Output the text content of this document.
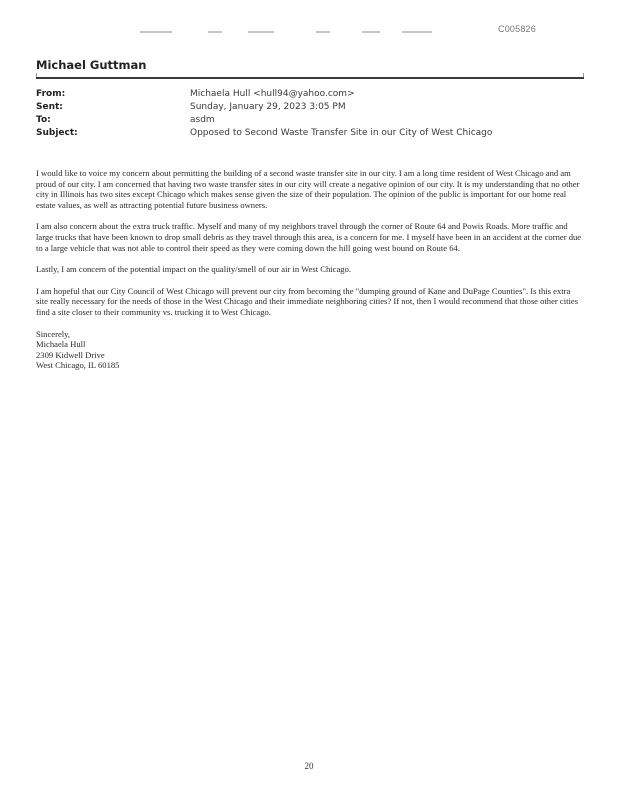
C005826
Michael Guttman
From:	Michaela Hull <hull94@yahoo.com>
Sent:	Sunday, January 29, 2023 3:05 PM
To:	asdm
Subject:	Opposed to Second Waste Transfer Site in our City of West Chicago

I would like to voice my concern about permitting the building of a second waste transfer site in our city. I am a long time resident of West Chicago and am proud of our city. I am concerned that having two waste transfer sites in our city will create a negative opinion of our city. It is my understanding that no other city in Illinois has two sites except Chicago which makes sense given the size of their population. The opinion of the public is important for our home real estate values, as well as attracting potential future business owners.

I am also concern about the extra truck traffic. Myself and many of my neighbors travel through the corner of Route 64 and Powis Roads. More traffic and large trucks that have been known to drop small debris as they travel through this area, is a concern for me. I myself have been in an accident at the corner due to a large vehicle that was not able to control their speed as they were coming down the hill going west bound on Route 64.

Lastly, I am concern of the potential impact on the quality/smell of our air in West Chicago.

I am hopeful that our City Council of West Chicago will prevent our city from becoming the "dumping ground of Kane and DuPage Counties". Is this extra site really necessary for the needs of those in the West Chicago and their immediate neighboring cities? If not, then I would recommend that those other cities find a site closer to their community vs. trucking it to West Chicago.

Sincerely,
Michaela Hull
2309 Kidwell Drive
West Chicago, IL 60185
20
